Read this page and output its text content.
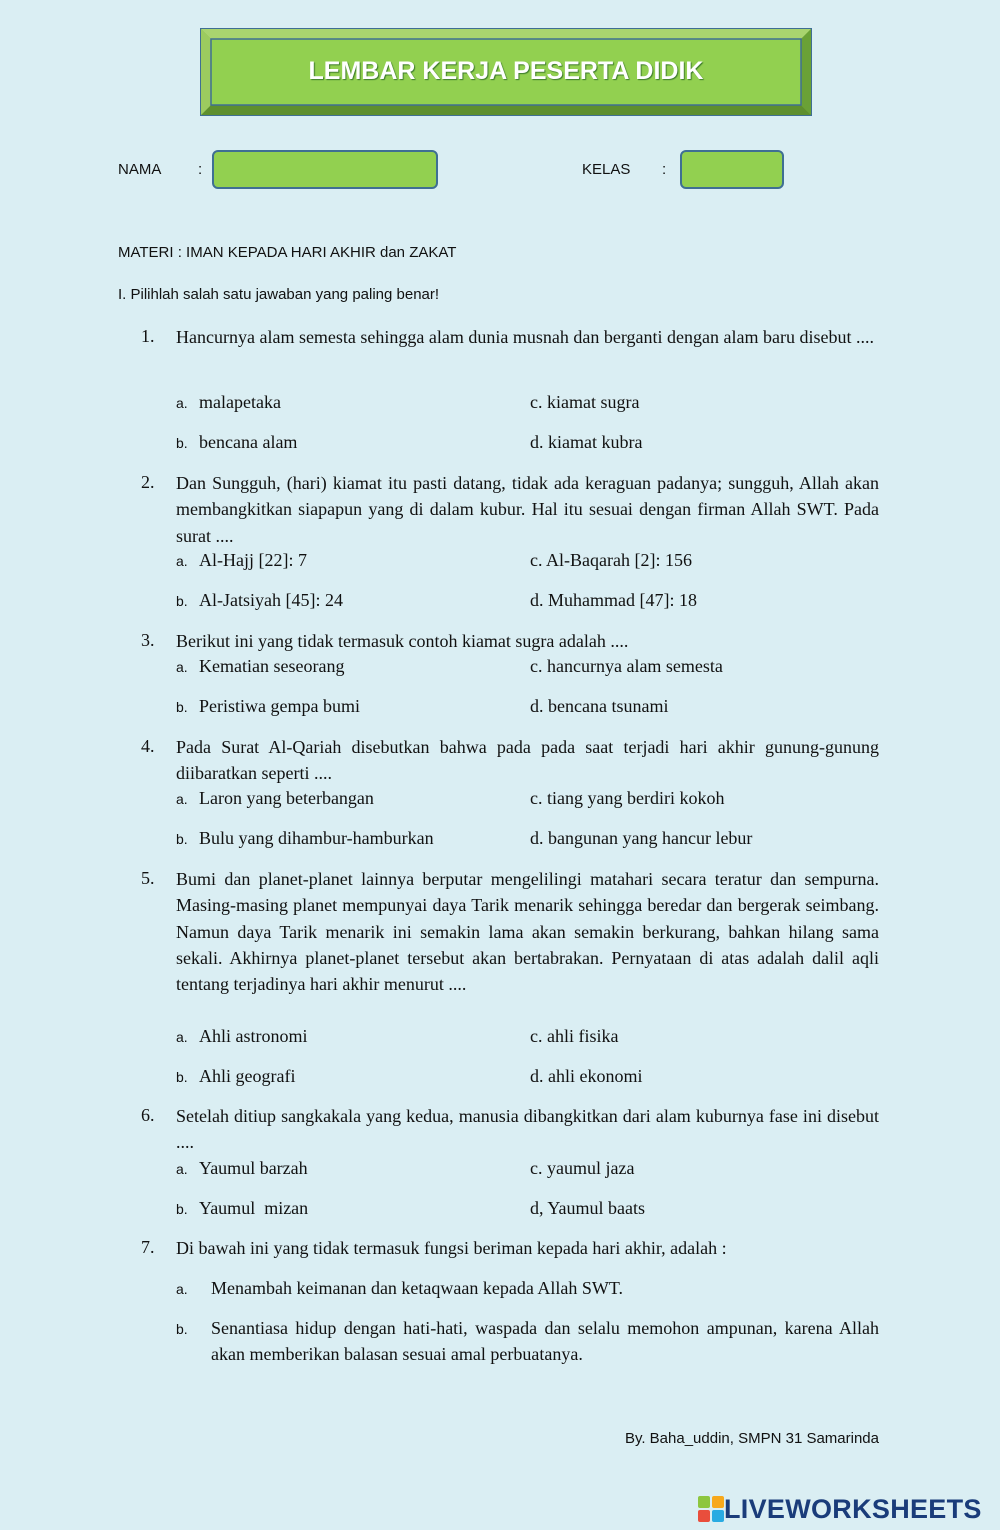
LEMBAR KERJA PESERTA DIDIK
NAMA :	KELAS :
MATERI : IMAN KEPADA HARI AKHIR dan ZAKAT
I. Pilihlah salah satu jawaban yang paling benar!
1. Hancurnya alam semesta sehingga alam dunia musnah dan berganti dengan alam baru disebut ....
a. malapetaka	c. kiamat sugra
b. bencana alam	d. kiamat kubra
2. Dan Sungguh, (hari) kiamat itu pasti datang, tidak ada keraguan padanya; sungguh, Allah akan membangkitkan siapapun yang di dalam kubur. Hal itu sesuai dengan firman Allah SWT. Pada surat ....
a. Al-Hajj [22]: 7	c. Al-Baqarah [2]: 156
b. Al-Jatsiyah [45]: 24	d. Muhammad [47]: 18
3. Berikut ini yang tidak termasuk contoh kiamat sugra adalah ....
a. Kematian seseorang	c. hancurnya alam semesta
b. Peristiwa gempa bumi	d. bencana tsunami
4. Pada Surat Al-Qariah disebutkan bahwa pada pada saat terjadi hari akhir gunung-gunung diibaratkan seperti ....
a. Laron yang beterbangan	c. tiang yang berdiri kokoh
b. Bulu yang dihambur-hamburkan	d. bangunan yang hancur lebur
5. Bumi dan planet-planet lainnya berputar mengelilingi matahari secara teratur dan sempurna. Masing-masing planet mempunyai daya Tarik menarik sehingga beredar dan bergerak seimbang. Namun daya Tarik menarik ini semakin lama akan semakin berkurang, bahkan hilang sama sekali. Akhirnya planet-planet tersebut akan bertabrakan. Pernyataan di atas adalah dalil aqli tentang terjadinya hari akhir menurut ....
a. Ahli astronomi	c. ahli fisika
b. Ahli geografi	d. ahli ekonomi
6. Setelah ditiup sangkakala yang kedua, manusia dibangkitkan dari alam kuburnya fase ini disebut ....
a. Yaumul barzah	c. yaumul jaza
b. Yaumul  mizan	d, Yaumul baats
7. Di bawah ini yang tidak termasuk fungsi beriman kepada hari akhir, adalah :
a. Menambah keimanan dan ketaqwaan kepada Allah SWT.
b. Senantiasa hidup dengan hati-hati, waspada dan selalu memohon ampunan, karena Allah akan memberikan balasan sesuai amal perbuatanya.
By. Baha_uddin, SMPN 31 Samarinda
LIVEWORKSHEETS
